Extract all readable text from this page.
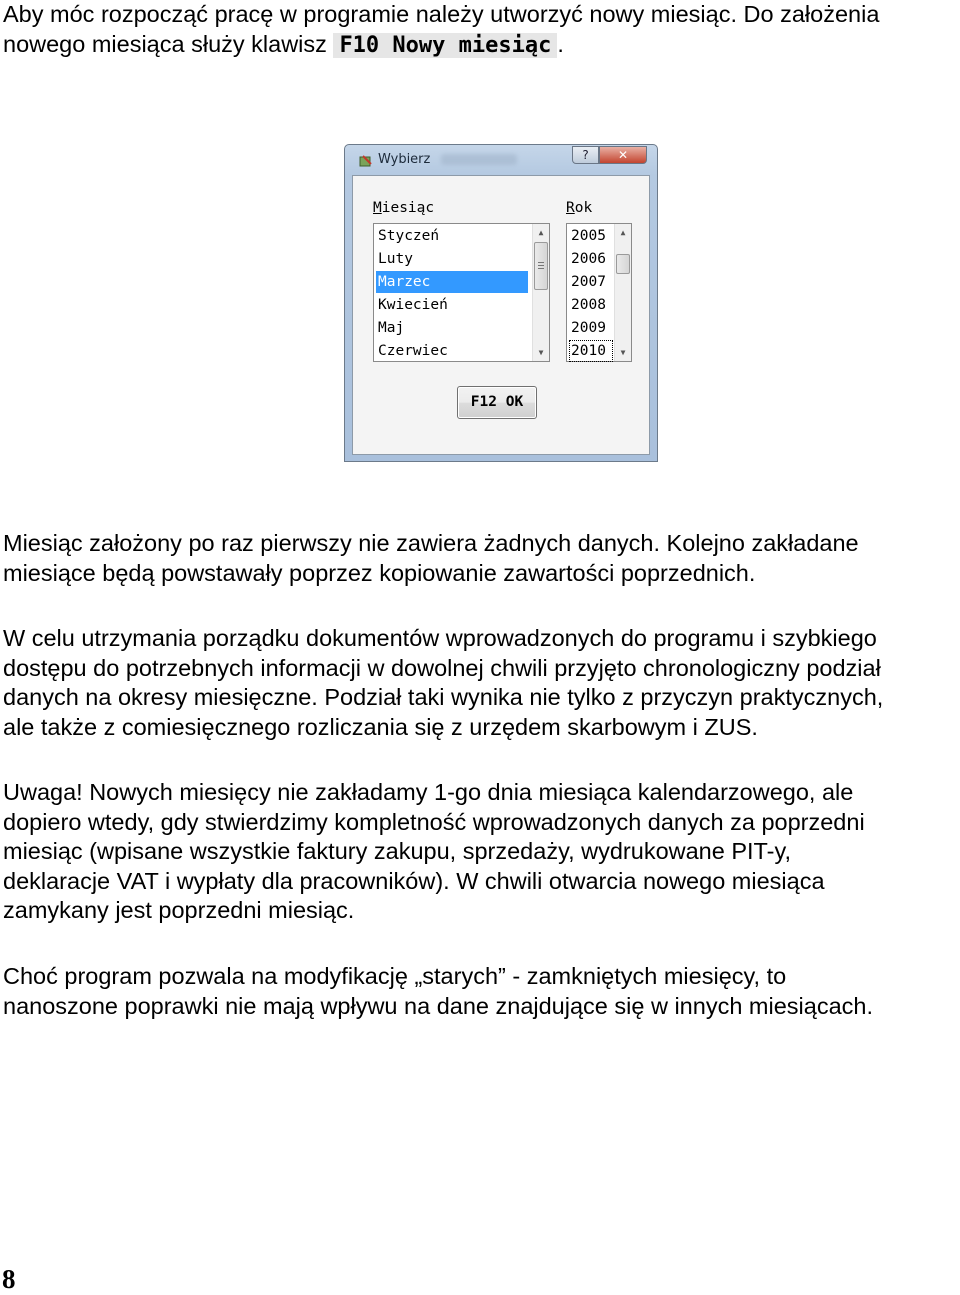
Aby móc rozpocząć pracę w programie należy utworzyć nowy miesiąc. Do założenia
nowego miesiąca służy klawisz F10 Nowy miesiąc .
Wybierz	?	✕
Miesiąc	Rok
Styczeń
Luty
Marzec
Kwiecień
Maj
Czerwiec
▲
▼
2005
2006
2007
2008
2009
2010
▲
▼
F12 OK
Miesiąc założony po raz pierwszy nie zawiera żadnych danych. Kolejno zakładane
miesiące będą powstawały poprzez kopiowanie zawartości poprzednich.
W celu utrzymania porządku dokumentów wprowadzonych do programu i szybkiego
dostępu do potrzebnych informacji w dowolnej chwili przyjęto chronologiczny podział
danych na okresy miesięczne. Podział taki wynika nie tylko z przyczyn praktycznych,
ale także z comiesięcznego rozliczania się z urzędem skarbowym i ZUS.
Uwaga! Nowych miesięcy nie zakładamy 1-go dnia miesiąca kalendarzowego, ale
dopiero wtedy, gdy stwierdzimy kompletność wprowadzonych danych za poprzedni
miesiąc (wpisane wszystkie faktury zakupu, sprzedaży, wydrukowane PIT-y,
deklaracje VAT i wypłaty dla pracowników). W chwili otwarcia nowego miesiąca
zamykany jest poprzedni miesiąc.
Choć program pozwala na modyfikację „starych” - zamkniętych miesięcy, to
nanoszone poprawki nie mają wpływu na dane znajdujące się w innych miesiącach.
8
